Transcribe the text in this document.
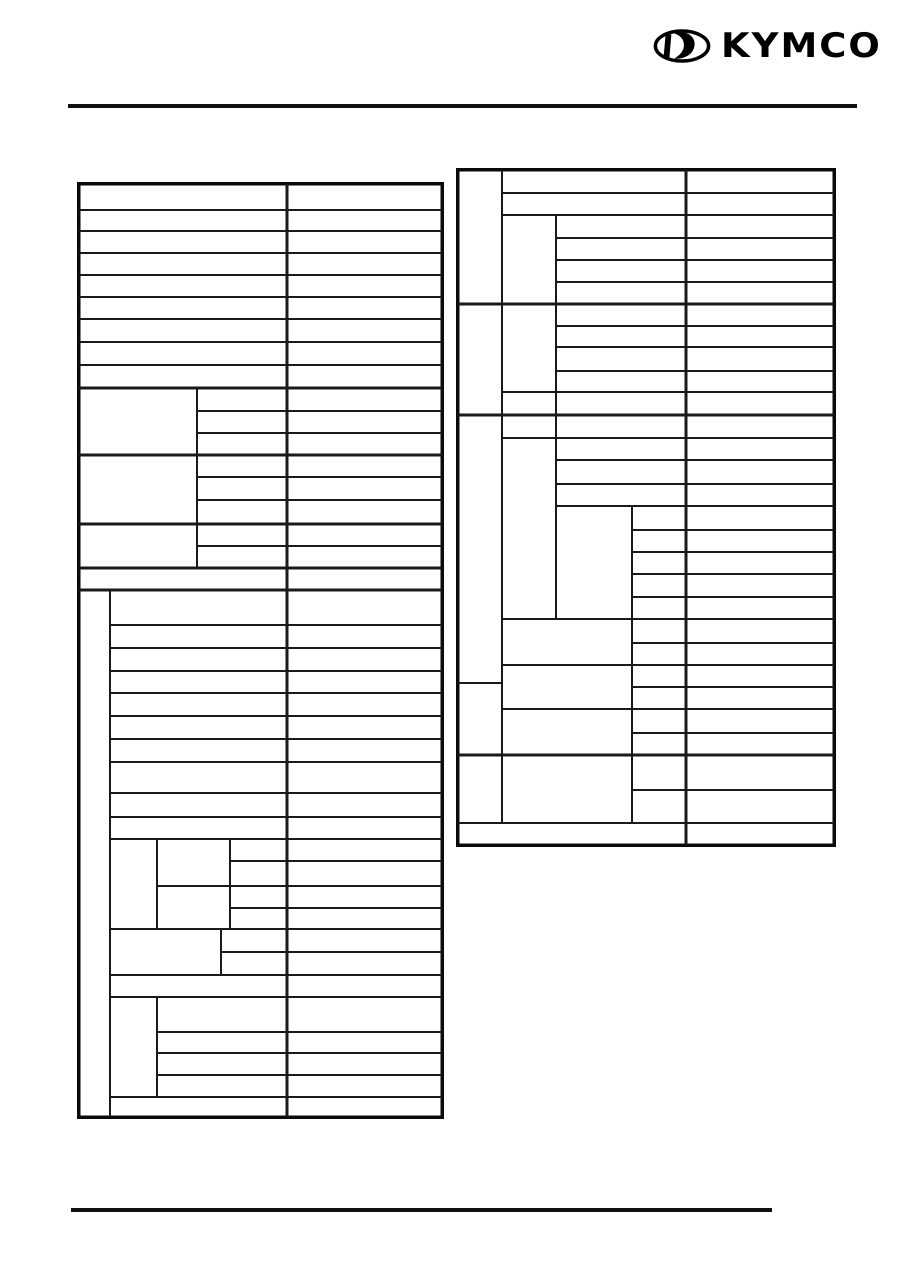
KYMCO
